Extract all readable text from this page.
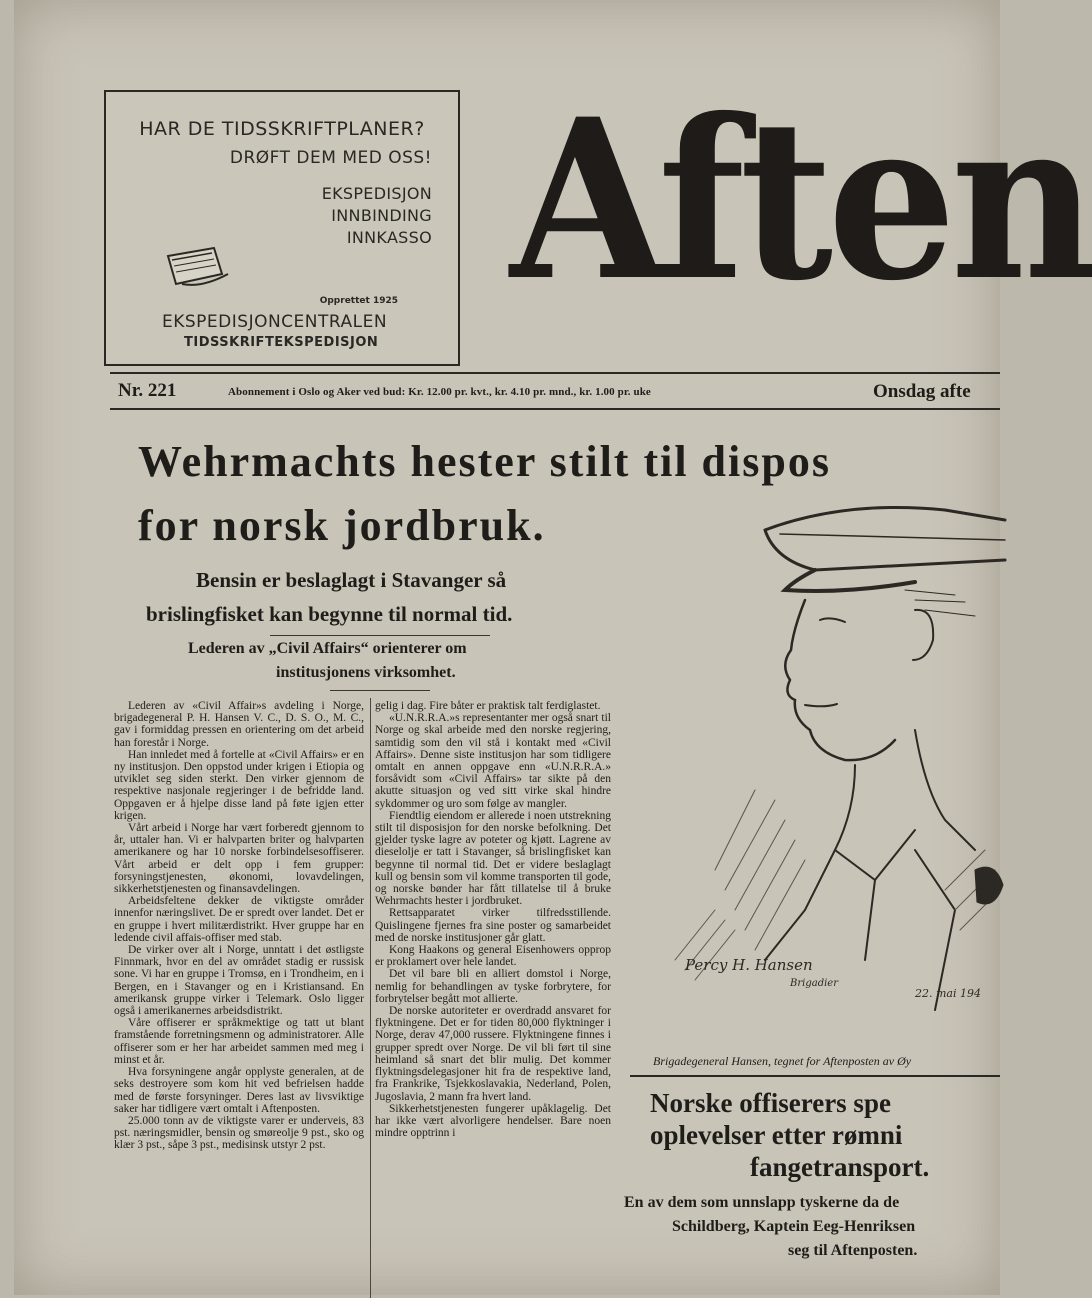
HAR DE TIDSSKRIFTPLANER?
DRØFT DEM MED OSS!
EKSPEDISJON
INNBINDING
INNKASSO
Opprettet 1925
EKSPEDISJONCENTRALEN
TIDSSKRIFTEKSPEDISJON
Aften
Nr. 221	Abonnement i Oslo og Aker ved bud: Kr. 12.00 pr. kvt., kr. 4.10 pr. mnd., kr. 1.00 pr. uke	Onsdag afte
Wehrmachts hester stilt til dispos
for norsk jordbruk.
Bensin er beslaglagt i Stavanger så
brislingfisket kan begynne til normal tid.
Lederen av „Civil Affairs“ orienterer om
institusjonens virksomhet.

Lederen av «Civil Affair»s avdeling i Norge, brigadegeneral P. H. Hansen V. C., D. S. O., M. C., gav i formiddag pressen en orientering om det arbeid han forestår i Norge.

Han innledet med å fortelle at «Civil Affairs» er en ny institusjon. Den oppstod under krigen i Etiopia og utviklet seg siden sterkt. Den virker gjennom de respektive nasjonale regjeringer i de befridde land. Oppgaven er å hjelpe disse land på føte igjen etter krigen.

Vårt arbeid i Norge har vært forberedt gjennom to år, uttaler han. Vi er halvparten briter og halvparten amerikanere og har 10 norske forbindelsesoffiserer. Vårt arbeid er delt opp i fem grupper: forsyningstjenesten, økonomi, lovavdelingen, sikkerhetstjenesten og finansavdelingen.

Arbeidsfeltene dekker de viktigste områder innenfor næringslivet. De er spredt over landet. Det er en gruppe i hvert militærdistrikt. Hver gruppe har en ledende civil affais-offiser med stab.

De virker over alt i Norge, unntatt i det østligste Finnmark, hvor en del av området stadig er russisk sone. Vi har en gruppe i Tromsø, en i Trondheim, en i Bergen, en i Stavanger og en i Kristiansand. En amerikansk gruppe virker i Telemark. Oslo ligger også i amerikanernes arbeidsdistrikt.

Våre offiserer er språkmektige og tatt ut blant framstående forretningsmenn og administratorer. Alle offiserer som er her har arbeidet sammen med meg i minst et år.

Hva forsyningene angår opplyste generalen, at de seks destroyere som kom hit ved befrielsen hadde med de første forsyninger. Deres last av livsviktige saker har tidligere vært omtalt i Aftenposten.

25.000 tonn av de viktigste varer er underveis, 83 pst. næringsmidler, bensin og smøreolje 9 pst., sko og klær 3 pst., såpe 3 pst., medisinsk utstyr 2 pst.

gelig i dag. Fire båter er praktisk talt ferdiglastet.

«U.N.R.R.A.»s representanter mer også snart til Norge og skal arbeide med den norske regjering, samtidig som den vil stå i kontakt med «Civil Affairs». Denne siste institusjon har som tidligere omtalt en annen oppgave enn «U.N.R.R.A.» forsåvidt som «Civil Affairs» tar sikte på den akutte situasjon og ved sitt virke skal hindre sykdommer og uro som følge av mangler.

Fiendtlig eiendom er allerede i noen utstrekning stilt til disposisjon for den norske befolkning. Det gjelder tyske lagre av poteter og kjøtt. Lagrene av dieselolje er tatt i Stavanger, så brislingfisket kan begynne til normal tid. Det er videre beslaglagt kull og bensin som vil komme transporten til gode, og norske bønder har fått tillatelse til å bruke Wehrmachts hester i jordbruket.

Rettsapparatet virker tilfredsstillende. Quislingene fjernes fra sine poster og samarbeidet med de norske institusjoner går glatt.

Kong Haakons og general Eisenhowers opprop er proklamert over hele landet.

Det vil bare bli en alliert domstol i Norge, nemlig for behandlingen av tyske forbrytere, for forbrytelser begått mot allierte.

De norske autoriteter er overdradd ansvaret for flyktningene. Det er for tiden 80,000 flyktninger i Norge, derav 47,000 russere. Flyktningene finnes i grupper spredt over Norge. De vil bli ført til sine heimland så snart det blir mulig. Det kommer flyktningsdelegasjoner hit fra de respektive land, fra Frankrike, Tsjekkoslavakia, Nederland, Polen, Jugoslavia, 2 mann fra hvert land.

Sikkerhetstjenesten fungerer upåklagelig. Det har ikke vært alvorligere hendelser. Bare noen mindre opptrinn i

Percy H. Hansen
Brigadier
22. mai 194
Brigadegeneral Hansen, tegnet for Aftenposten av Øy
Norske offiserers spe
oplevelser etter rømni
fangetransport.
En av dem som unnslapp tyskerne da de
Schildberg, Kaptein Eeg-Henriksen
seg til Aftenposten.
